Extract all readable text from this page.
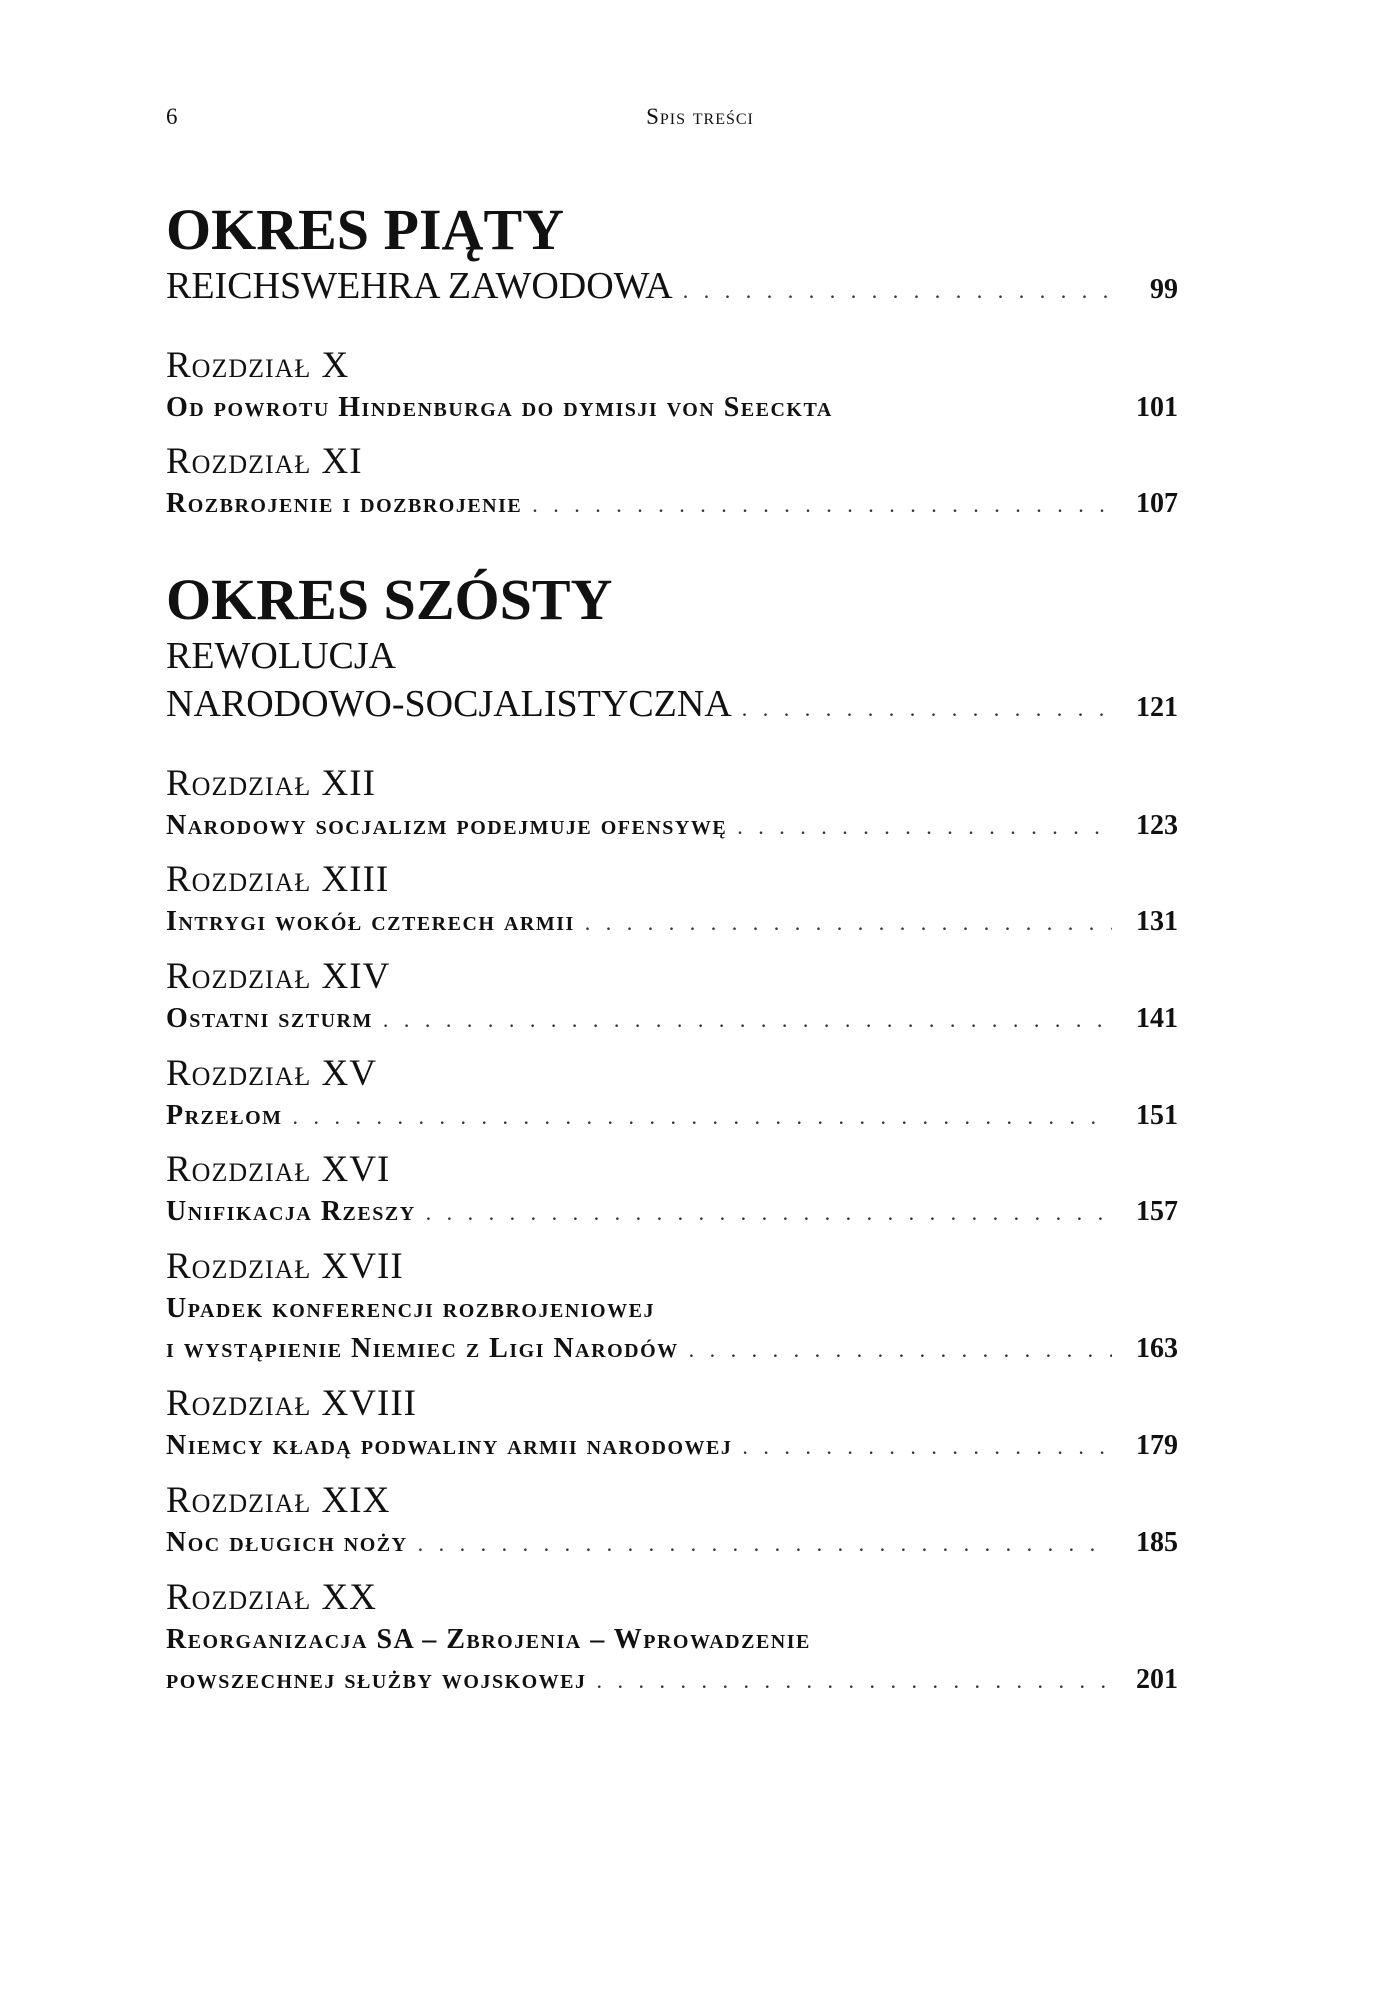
6	Spis treści
OKRES PIĄTY
REICHSWEHRA ZAWODOWA . . .	99
Rozdział X
Od powrotu Hindenburga do dymisji von Seeckta	101
Rozdział XI
Rozbrojenie i dozbrojenie . . .	107
OKRES SZÓSTY
REWOLUCJA
NARODOWO-SOCJALISTYCZNA . . .	121
Rozdział XII
Narodowy socjalizm podejmuje ofensywę . . .	123
Rozdział XIII
Intrygi wokół czterech armii . . .	131
Rozdział XIV
Ostatni szturm . . .	141
Rozdział XV
Przełom . . .	151
Rozdział XVI
Unifikacja Rzeszy . . .	157
Rozdział XVII
Upadek konferencji rozbrojeniowej
i wystąpienie Niemiec z Ligi Narodów . . .	163
Rozdział XVIII
Niemcy kładą podwaliny armii narodowej . . .	179
Rozdział XIX
Noc długich noży . . .	185
Rozdział XX
Reorganizacja SA – Zbrojenia – Wprowadzenie
powszechnej służby wojskowej . . .	201
